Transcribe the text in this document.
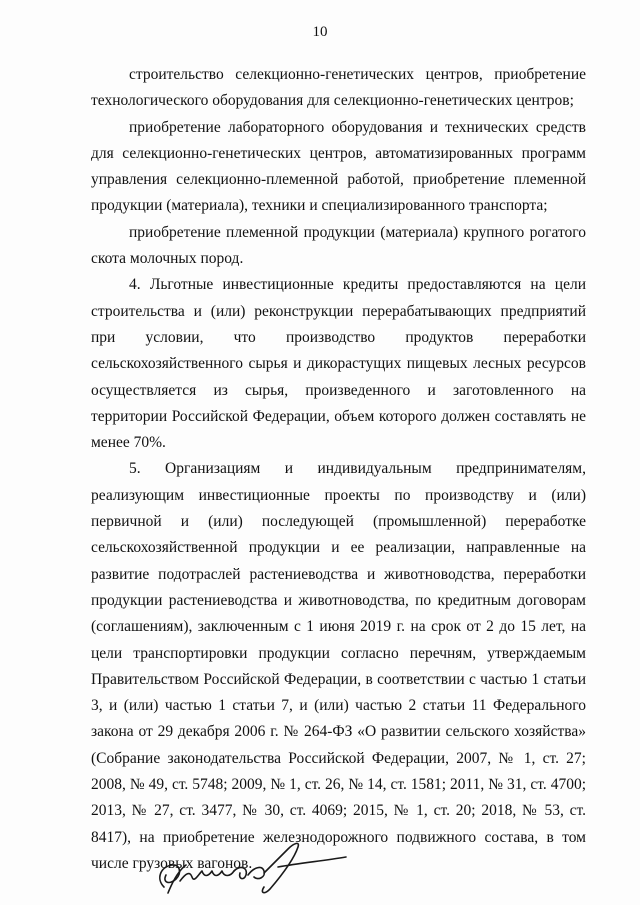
10

строительство селекционно-генетических центров, приобретение технологического оборудования для селекционно-генетических центров;

приобретение лабораторного оборудования и технических средств для селекционно-генетических центров, автоматизированных программ управления селекционно-племенной работой, приобретение племенной продукции (материала), техники и специализированного транспорта;

приобретение племенной продукции (материала) крупного рогатого скота молочных пород.

4. Льготные инвестиционные кредиты предоставляются на цели строительства и (или) реконструкции перерабатывающих предприятий при условии, что производство продуктов переработки сельскохозяйственного сырья и дикорастущих пищевых лесных ресурсов осуществляется из сырья, произведенного и заготовленного на территории Российской Федерации, объем которого должен составлять не менее 70%.

5. Организациям и индивидуальным предпринимателям, реализующим инвестиционные проекты по производству и (или) первичной и (или) последующей (промышленной) переработке сельскохозяйственной продукции и ее реализации, направленные на развитие подотраслей растениеводства и животноводства, переработки продукции растениеводства и животноводства, по кредитным договорам (соглашениям), заключенным с 1 июня 2019 г. на срок от 2 до 15 лет, на цели транспортировки продукции согласно перечням, утверждаемым Правительством Российской Федерации, в соответствии с частью 1 статьи 3, и (или) частью 1 статьи 7, и (или) частью 2 статьи 11 Федерального закона от 29 декабря 2006 г. № 264-ФЗ «О развитии сельского хозяйства» (Собрание законодательства Российской Федерации, 2007, № 1, ст. 27; 2008, № 49, ст. 5748; 2009, № 1, ст. 26, № 14, ст. 1581; 2011, № 31, ст. 4700; 2013, № 27, ст. 3477, № 30, ст. 4069; 2015, № 1, ст. 20; 2018, № 53, ст. 8417), на приобретение железнодорожного подвижного состава, в том числе грузовых вагонов.
